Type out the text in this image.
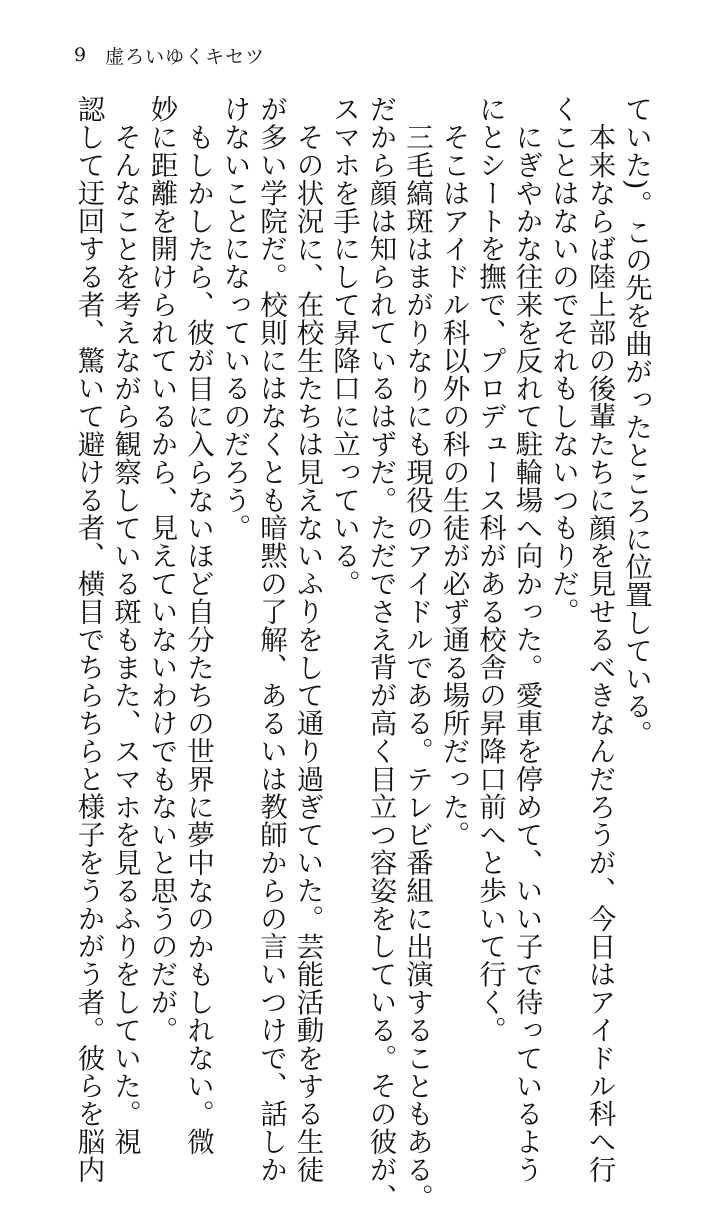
9 虚ろいゆくキセツ

ていた)。この先を曲がったところに位置している。

本来ならば陸上部の後輩たちに顔を見せるべきなんだろうが、今日はアイドル科へ行

くことはないのでそれもしないつもりだ。

にぎやかな往来を反れて駐輪場へ向かった。愛車を停めて、いい子で待っているよう

にとシートを撫で、プロデュース科がある校舎の昇降口前へと歩いて行く。

そこはアイドル科以外の科の生徒が必ず通る場所だった。

三毛縞斑はまがりなりにも現役のアイドルである。テレビ番組に出演することもある。

だから顔は知られているはずだ。ただでさえ背が高く目立つ容姿をしている。その彼が、

スマホを手にして昇降口に立っている。

その状況に、在校生たちは見えないふりをして通り過ぎていた。芸能活動をする生徒

が多い学院だ。校則にはなくとも暗黙の了解、あるいは教師からの言いつけで、話しか

けないことになっているのだろう。

もしかしたら、彼が目に入らないほど自分たちの世界に夢中なのかもしれない。微

妙に距離を開けられているから、見えていないわけでもないと思うのだが。

そんなことを考えながら観察している斑もまた、スマホを見るふりをしていた。視

認して迂回する者、驚いて避ける者、横目でちらちらと様子をうかがう者。彼らを脳内
